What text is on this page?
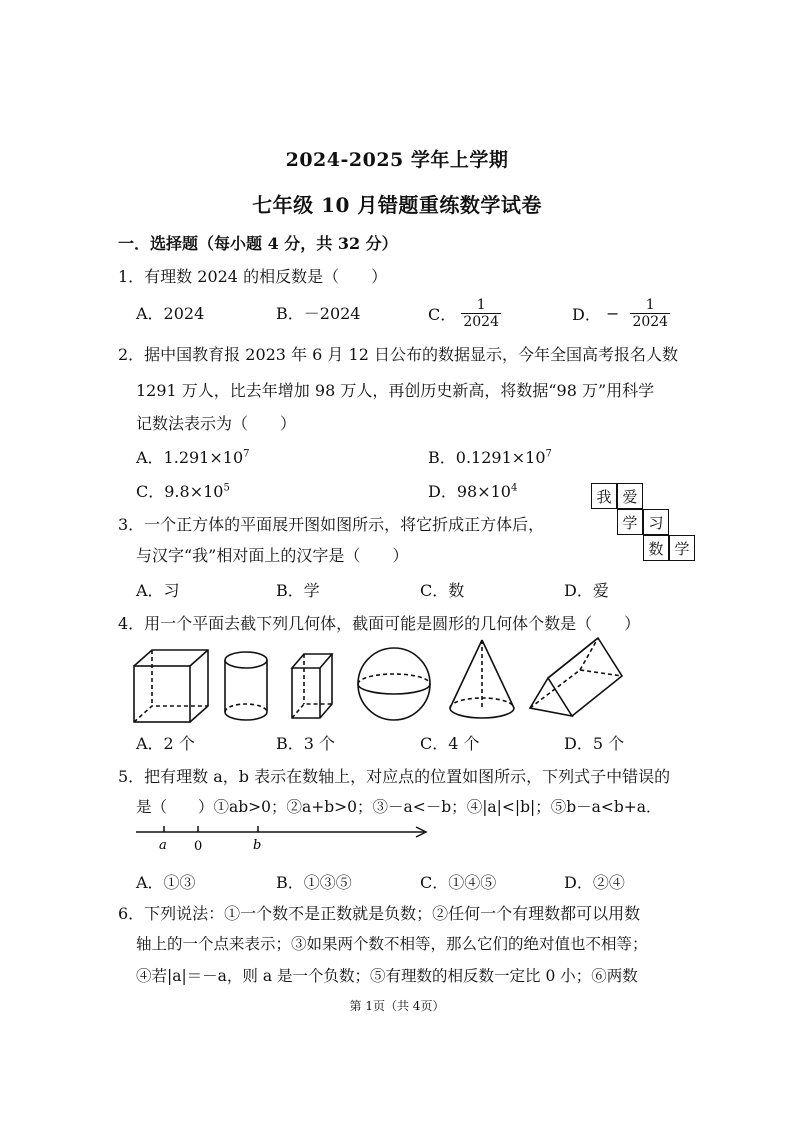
2024-2025 学年上学期
七年级 10 月错题重练数学试卷
一．选择题（每小题 4 分，共 32 分）
1．有理数 2024 的相反数是（　　）
A．2024	B．－2024	C． $\frac{1}{2024}$	D． − $\frac{1}{2024}$
2．据中国教育报 2023 年 6 月 12 日公布的数据显示，今年全国高考报名人数
1291 万人，比去年增加 98 万人，再创历史新高，将数据“98 万”用科学
记数法表示为（　　）
A．$1.291\times 10^7$	B．$0.1291\times 10^7$
C．$9.8\times 10^5$	D．$98\times 10^4$	我 爱
学 习
数 学
3．一个正方体的平面展开图如图所示，将它折成正方体后，
与汉字“我”相对面上的汉字是（　　）
A．习	B．学	C．数	D．爱
4．用一个平面去截下列几何体，截面可能是圆形的几何体个数是（　　）
A．2 个	B．3 个	C．4 个	D．5 个
5．把有理数 a，b 表示在数轴上，对应点的位置如图所示，下列式子中错误的
是（　　）①ab>0；②a+b>0；③－a<－b；④|a|<|b|；⑤b－a<b+a．
a 0	b
A．①③	B．①③⑤	C．①④⑤	D．②④
6．下列说法：①一个数不是正数就是负数；②任何一个有理数都可以用数
轴上的一个点来表示；③如果两个数不相等，那么它们的绝对值也不相等；
④若|a|＝－a，则 a 是一个负数；⑤有理数的相反数一定比 0 小；⑥两数
第 1页（共 4页）
